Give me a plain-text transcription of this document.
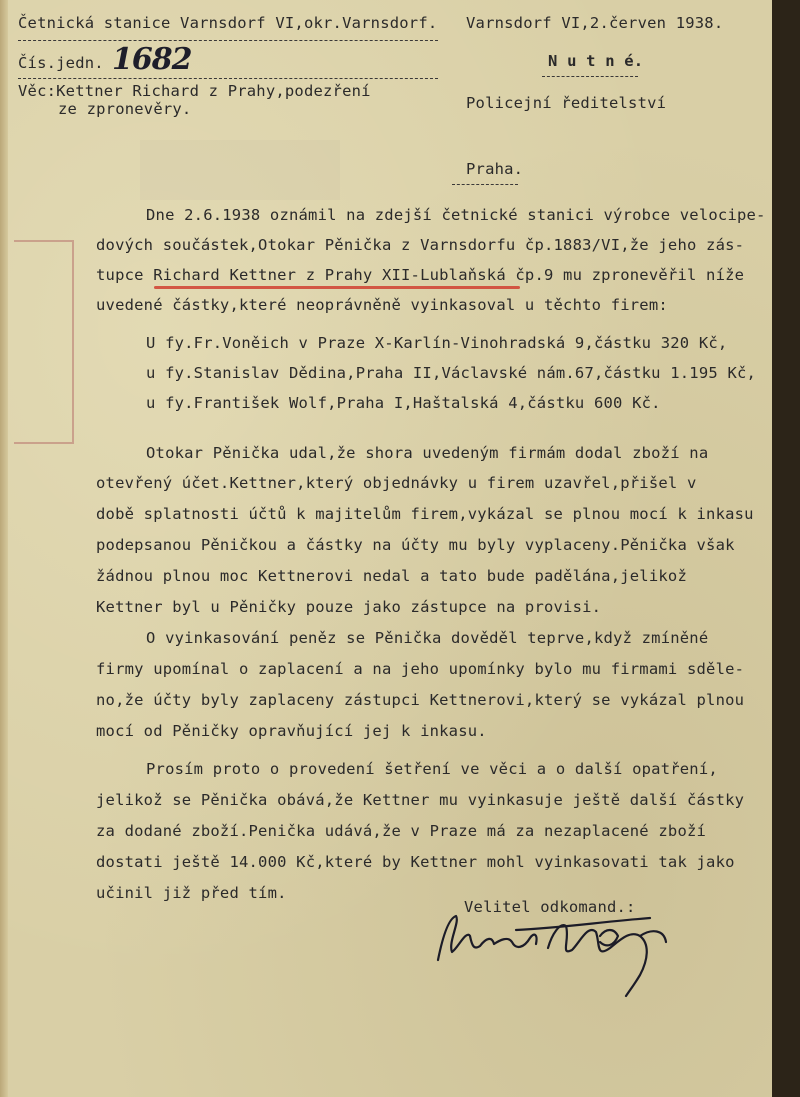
Četnická stanice Varnsdorf VI,okr.Varnsdorf. Varnsdorf VI,2.červen 1938.
Čís.jedn. 1682	N u t n é.
Věc:Kettner Richard z Prahy,podezření
ze zpronevěry.	Policejní ředitelství
Praha.
Dne 2.6.1938 oznámil na zdejší četnické stanici výrobce velocipe-
dových součástek,Otokar Pěnička z Varnsdorfu čp.1883/VI,že jeho zás-
tupce Richard Kettner z Prahy XII-Lublaňská čp.9 mu zpronevěřil níže
uvedené částky,které neoprávněně vyinkasoval u těchto firem:
U fy.Fr.Voněich v Praze X-Karlín-Vinohradská 9,částku 320 Kč,
u fy.Stanislav Dědina,Praha II,Václavské nám.67,částku 1.195 Kč,
u fy.František Wolf,Praha I,Haštalská 4,částku 600 Kč.
Otokar Pěnička udal,že shora uvedeným firmám dodal zboží na
otevřený účet.Kettner,který objednávky u firem uzavřel,přišel v
době splatnosti účtů k majitelům firem,vykázal se plnou mocí k inkasu
podepsanou Pěničkou a částky na účty mu byly vyplaceny.Pěnička však
žádnou plnou moc Kettnerovi nedal a tato bude padělána,jelikož
Kettner byl u Pěničky pouze jako zástupce na provisi.
O vyinkasování peněz se Pěnička dověděl teprve,když zmíněné
firmy upomínal o zaplacení a na jeho upomínky bylo mu firmami sděle-
no,že účty byly zaplaceny zástupci Kettnerovi,který se vykázal plnou
mocí od Pěničky opravňující jej k inkasu.
Prosím proto o provedení šetření ve věci a o další opatření,
jelikož se Pěnička obává,že Kettner mu vyinkasuje ještě další částky
za dodané zboží.Penička udává,že v Praze má za nezaplacené zboží
dostati ještě 14.000 Kč,které by Kettner mohl vyinkasovati tak jako
učinil již před tím.
Velitel odkomand.:
